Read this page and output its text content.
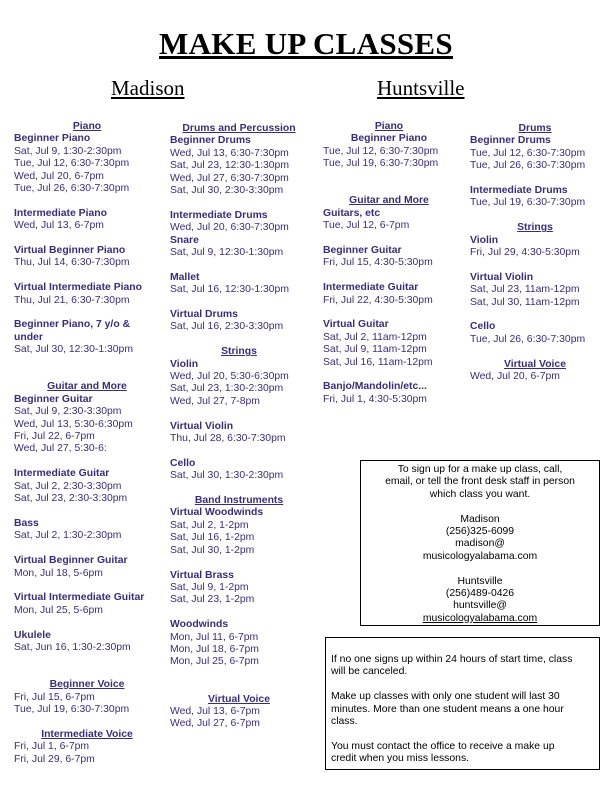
MAKE UP CLASSES
Madison	Huntsville
Piano
Beginner Piano
Sat, Jul 9, 1:30-2:30pm
Tue, Jul 12, 6:30-7:30pm
Wed, Jul 20, 6-7pm
Tue, Jul 26, 6:30-7:30pm
Intermediate Piano
Wed, Jul 13, 6-7pm
Virtual Beginner Piano
Thu, Jul 14, 6:30-7:30pm
Virtual Intermediate Piano
Thu, Jul 21, 6:30-7:30pm
Beginner Piano, 7 y/o &
under
Sat, Jul 30, 12:30-1:30pm
Guitar and More
Beginner Guitar
Sat, Jul 9, 2:30-3:30pm
Wed, Jul 13, 5:30-6:30pm
Fri, Jul 22, 6-7pm
Wed, Jul 27, 5:30-6:
Intermediate Guitar
Sat, Jul 2, 2:30-3:30pm
Sat, Jul 23, 2:30-3:30pm
Bass
Sat, Jul 2, 1:30-2:30pm
Virtual Beginner Guitar
Mon, Jul 18, 5-6pm
Virtual Intermediate Guitar
Mon, Jul 25, 5-6pm
Ukulele
Sat, Jun 16, 1:30-2:30pm
Beginner Voice
Fri, Jul 15, 6-7pm
Tue, Jul 19, 6:30-7:30pm
Intermediate Voice
Fri, Jul 1, 6-7pm
Fri, Jul 29, 6-7pm
Drums and Percussion
Beginner Drums
Wed, Jul 13, 6:30-7:30pm
Sat, Jul 23, 12:30-1:30pm
Wed, Jul 27, 6:30-7:30pm
Sat, Jul 30, 2:30-3:30pm
Intermediate Drums
Wed, Jul 20, 6:30-7:30pm
Snare
Sat, Jul 9, 12:30-1:30pm
Mallet
Sat, Jul 16, 12:30-1:30pm
Virtual Drums
Sat, Jul 16, 2:30-3:30pm
Strings
Violin
Wed, Jul 20, 5:30-6:30pm
Sat, Jul 23, 1:30-2:30pm
Wed, Jul 27, 7-8pm
Virtual Violin
Thu, Jul 28, 6:30-7:30pm
Cello
Sat, Jul 30, 1:30-2:30pm
Band Instruments
Virtual Woodwinds
Sat, Jul 2, 1-2pm
Sat, Jul 16, 1-2pm
Sat, Jul 30, 1-2pm
Virtual Brass
Sat, Jul 9, 1-2pm
Sat, Jul 23, 1-2pm
Woodwinds
Mon, Jul 11, 6-7pm
Mon, Jul 18, 6-7pm
Mon, Jul 25, 6-7pm
Virtual Voice
Wed, Jul 13, 6-7pm
Wed, Jul 27, 6-7pm
Piano
Beginner Piano
Tue, Jul 12, 6:30-7:30pm
Tue, Jul 19, 6:30-7:30pm
Guitar and More
Guitars, etc
Tue, Jul 12, 6-7pm
Beginner Guitar
Fri, Jul 15, 4:30-5:30pm
Intermediate Guitar
Fri, Jul 22, 4:30-5:30pm
Virtual Guitar
Sat, Jul 2, 11am-12pm
Sat, Jul 9, 11am-12pm
Sat, Jul 16, 11am-12pm
Banjo/Mandolin/etc...
Fri, Jul 1, 4:30-5:30pm
Drums
Beginner Drums
Tue, Jul 12, 6:30-7:30pm
Tue, Jul 26, 6:30-7:30pm
Intermediate Drums
Tue, Jul 19, 6:30-7:30pm
Strings
Violin
Fri, Jul 29, 4:30-5:30pm
Virtual Violin
Sat, Jul 23, 11am-12pm
Sat, Jul 30, 11am-12pm
Cello
Tue, Jul 26, 6:30-7:30pm
Virtual Voice
Wed, Jul 20, 6-7pm
To sign up for a make up class, call,
email, or tell the front desk staff in person
which class you want.
Madison
(256)325-6099
madison@
musicologyalabama.com
Huntsville
(256)489-0426
huntsville@
musicologyalabama.com
If no one signs up within 24 hours of start time, class
will be canceled.
Make up classes with only one student will last 30
minutes. More than one student means a one hour
class.
You must contact the office to receive a make up
credit when you miss lessons.
